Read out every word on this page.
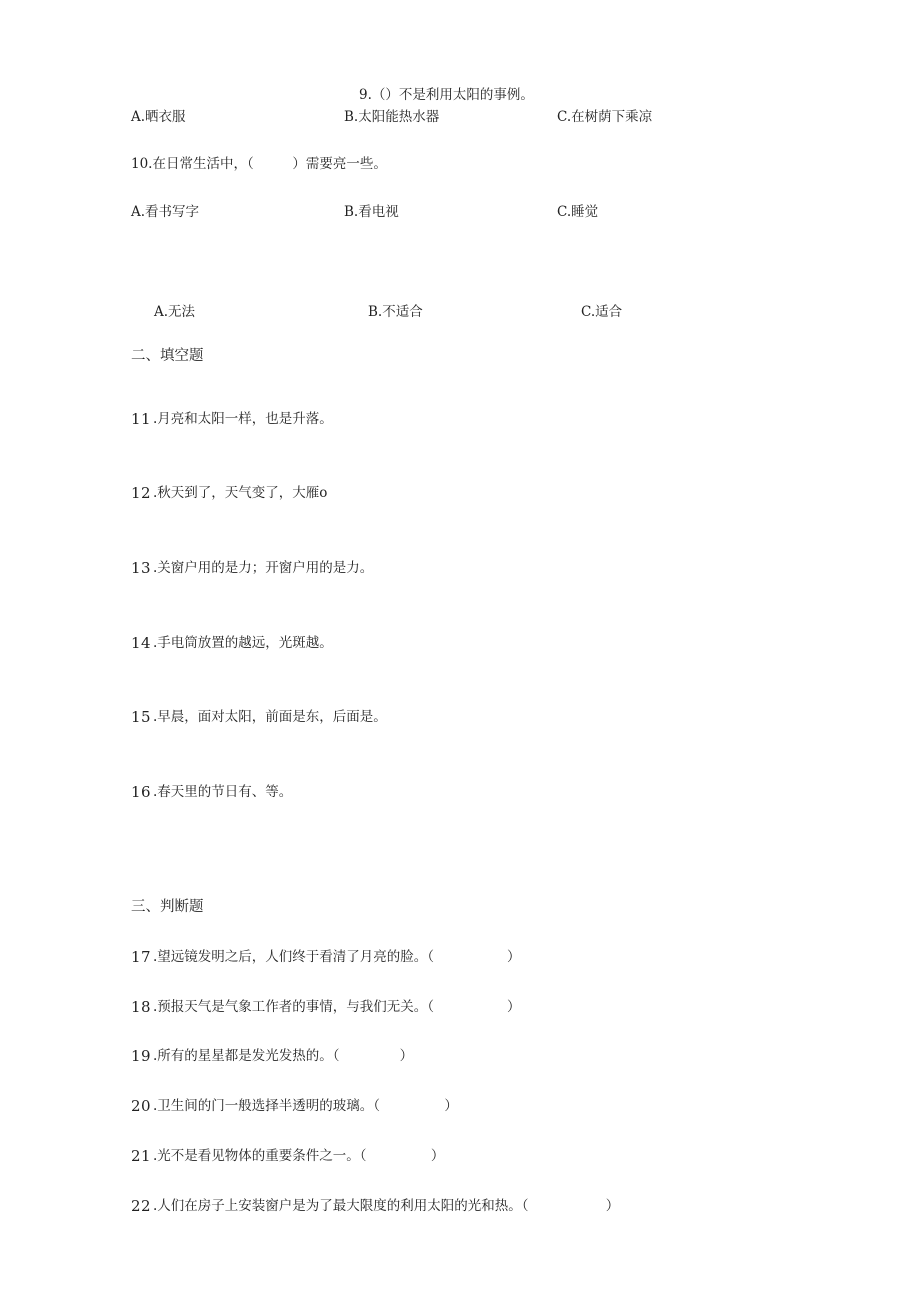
9.（）不是利用太阳的事例。
A.晒衣服	B.太阳能热水器	C.在树荫下乘凉
10.在日常生活中，（         ）需要亮一些。
A.看书写字	B.看电视	C.睡觉
A.无法	B.不适合	C.适合
二、填空题
11 .月亮和太阳一样，也是升落。
12 .秋天到了，天气变了，大雁o
13 .关窗户用的是力；开窗户用的是力。
14 .手电筒放置的越远，光斑越。
15 .早晨，面对太阳，前面是东，后面是。
16 .春天里的节日有、等。
三、判断题
17 .望远镜发明之后，人们终于看清了月亮的脸。（                 ）
18 .预报天气是气象工作者的事情，与我们无关。（                 ）
19 .所有的星星都是发光发热的。（              ）
20 .卫生间的门一般选择半透明的玻璃。（               ）
21 .光不是看见物体的重要条件之一。（               ）
22 .人们在房子上安装窗户是为了最大限度的利用太阳的光和热。（                  ）
